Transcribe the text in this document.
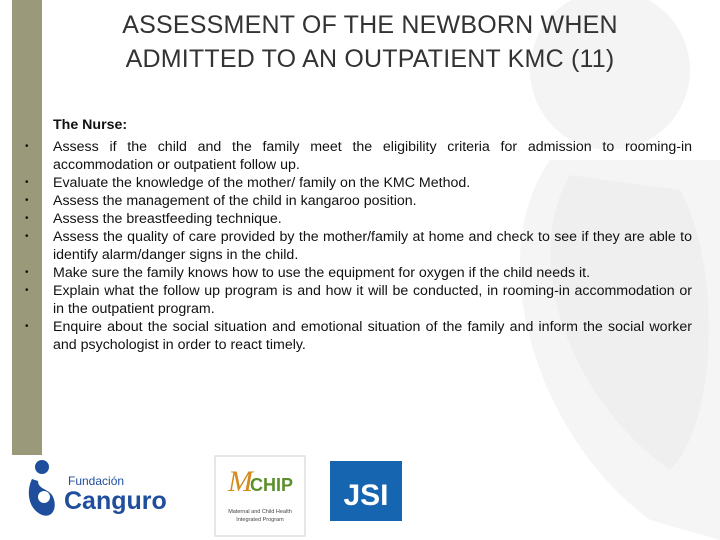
ASSESSMENT OF THE NEWBORN WHEN ADMITTED TO AN OUTPATIENT KMC (11)
The Nurse:
• Assess if the child and the family meet the eligibility criteria for admission to rooming-in accommodation or outpatient follow up.
• Evaluate the knowledge of the mother/ family on the KMC Method.
• Assess the management of the child in kangaroo position.
• Assess the breastfeeding technique.
• Assess the quality of care provided by the mother/family at home and check to see if they are able to identify alarm/danger signs in the child.
• Make sure the family knows how to use the equipment for oxygen if the child needs it.
• Explain what the follow up program is and how it will be conducted, in rooming-in accommodation or in the outpatient program.
• Enquire about the social situation and emotional situation of the family and inform the social worker and psychologist in order to react timely.
Fundación
Canguro
M
CHIP
Maternal and Child Health
Integrated Program
JSI
